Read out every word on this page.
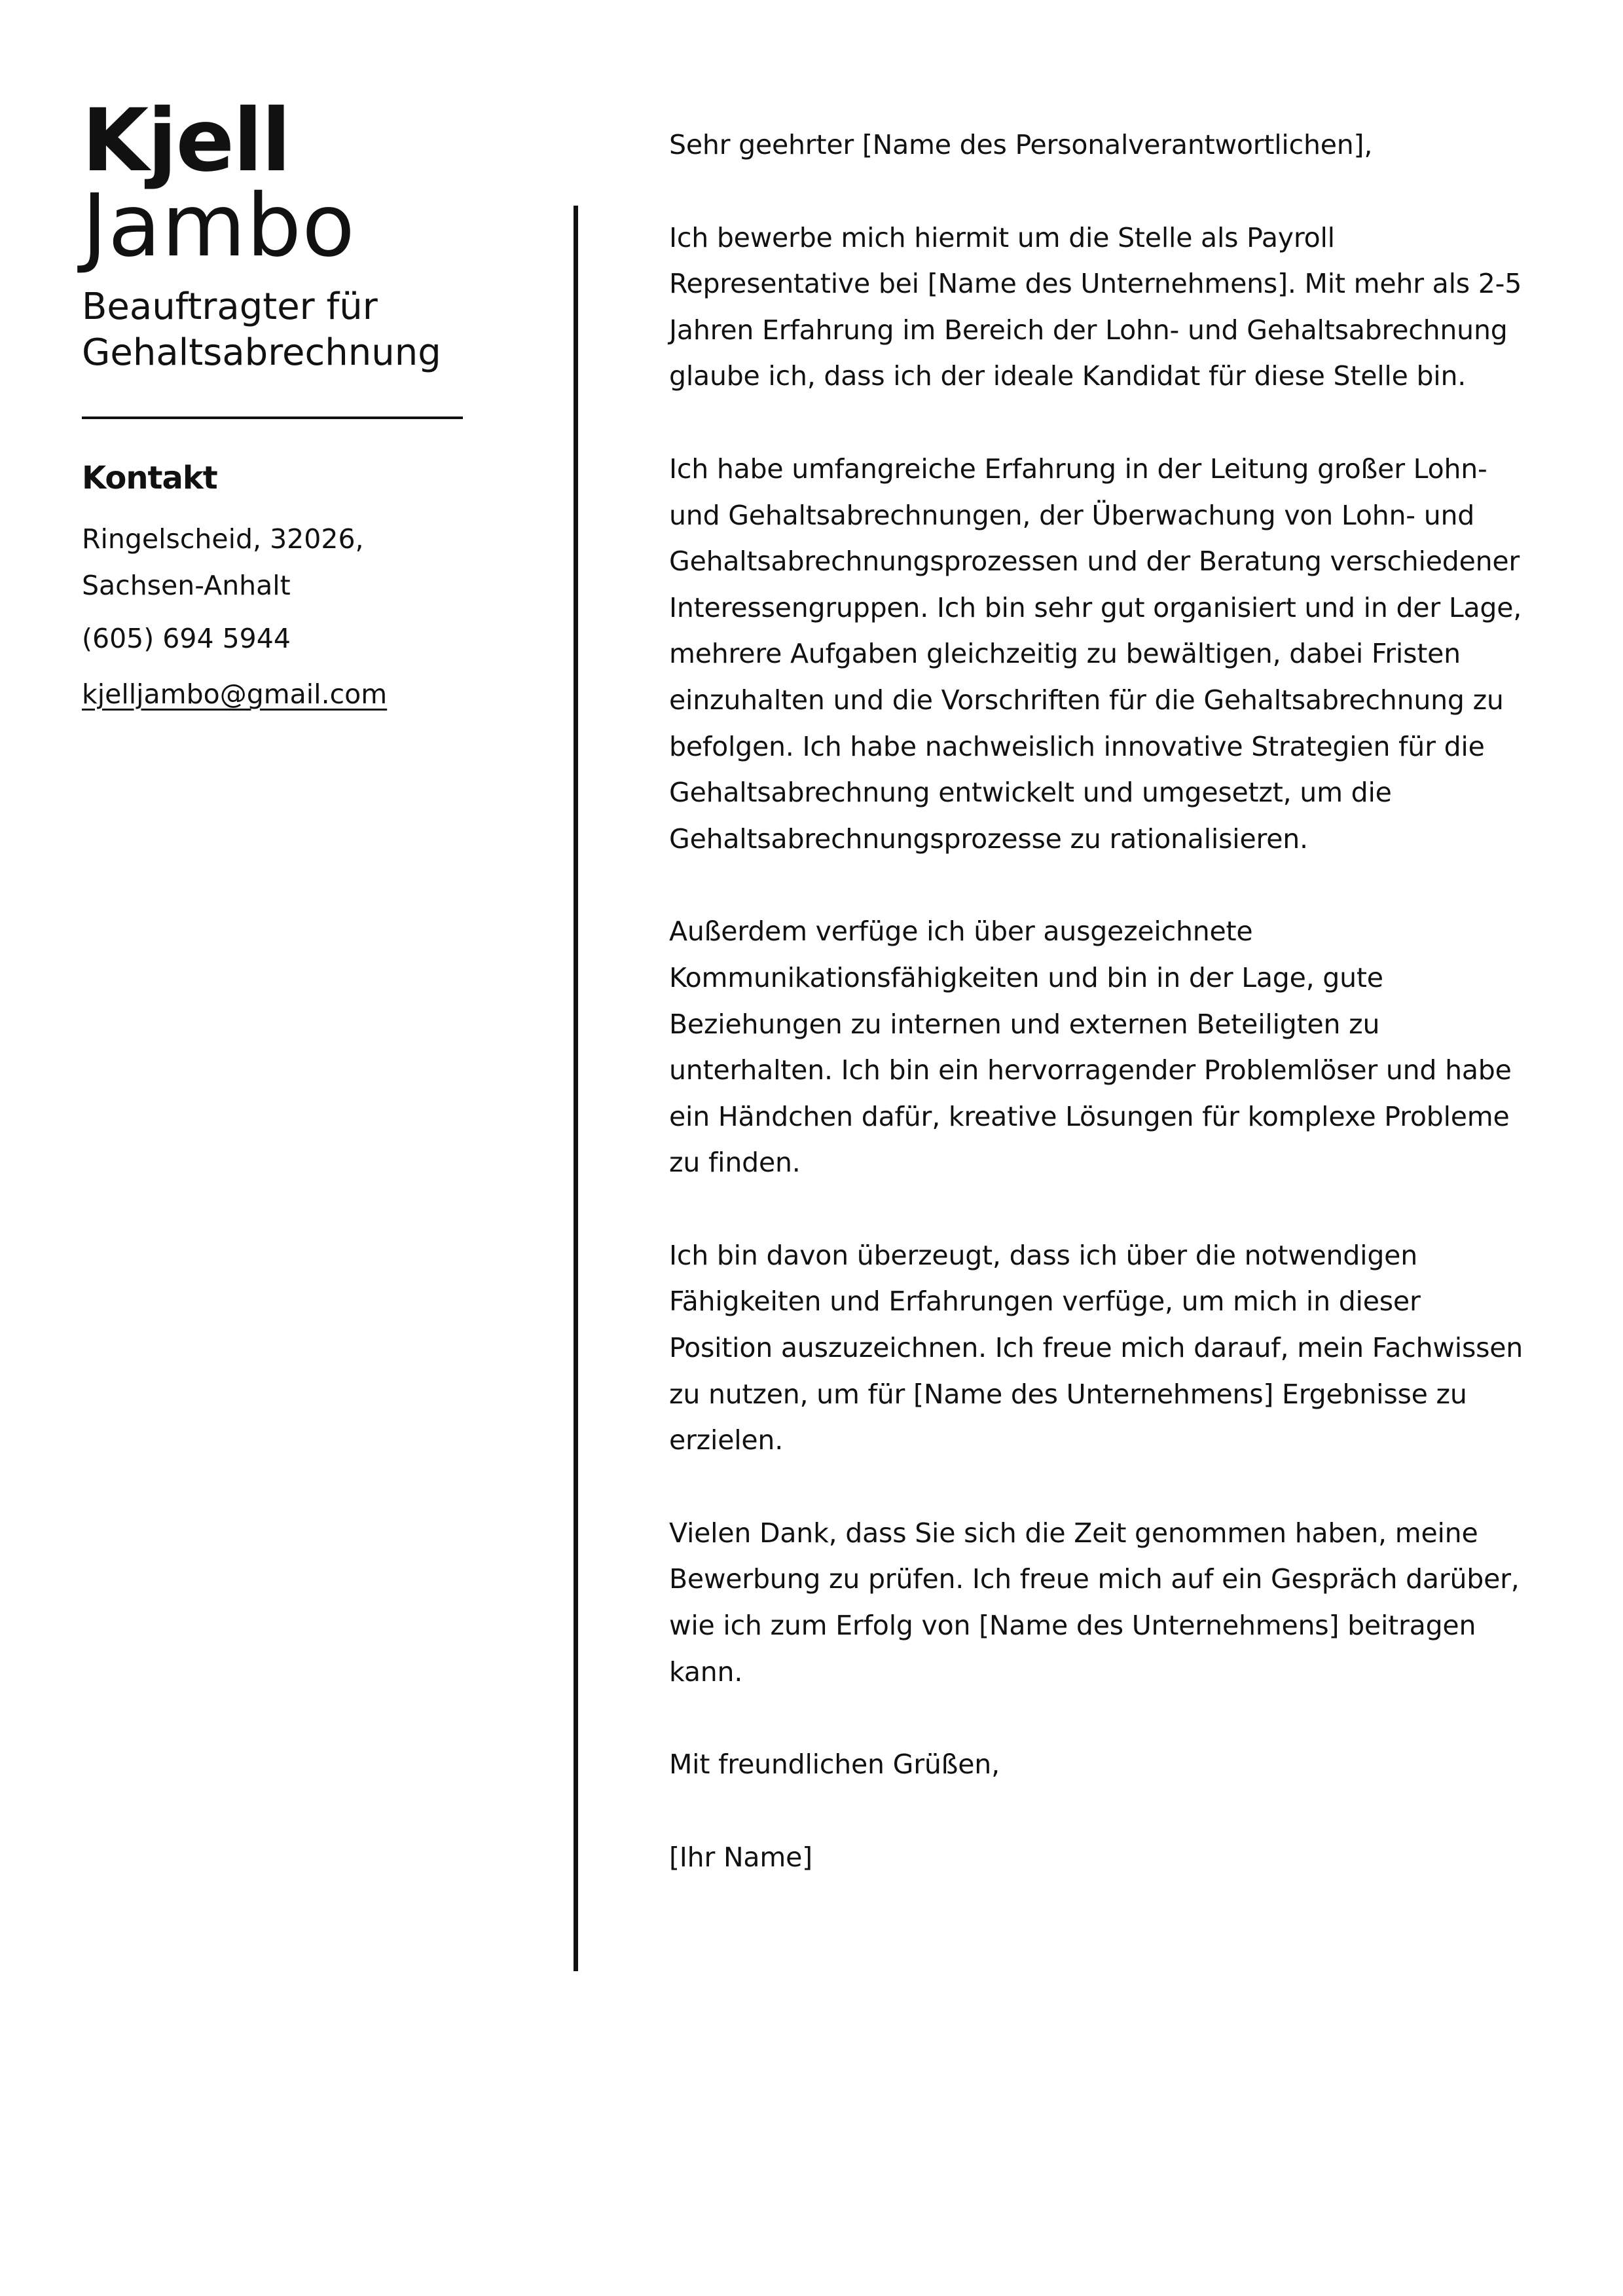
Kjell
Jambo
Beauftragter für Gehaltsabrechnung
Kontakt
Ringelscheid, 32026, Sachsen-Anhalt
(605) 694 5944
kjelljambo@gmail.com

Sehr geehrter [Name des Personalverantwortlichen],

Ich bewerbe mich hiermit um die Stelle als Payroll Representative bei [Name des Unternehmens]. Mit mehr als 2-5 Jahren Erfahrung im Bereich der Lohn- und Gehaltsabrechnung glaube ich, dass ich der ideale Kandidat für diese Stelle bin.

Ich habe umfangreiche Erfahrung in der Leitung großer Lohn- und Gehaltsabrechnungen, der Überwachung von Lohn- und Gehaltsabrechnungsprozessen und der Beratung verschiedener Interessengruppen. Ich bin sehr gut organisiert und in der Lage, mehrere Aufgaben gleichzeitig zu bewältigen, dabei Fristen einzuhalten und die Vorschriften für die Gehaltsabrechnung zu befolgen. Ich habe nachweislich innovative Strategien für die Gehaltsabrechnung entwickelt und umgesetzt, um die Gehaltsabrechnungsprozesse zu rationalisieren.

Außerdem verfüge ich über ausgezeichnete Kommunikationsfähigkeiten und bin in der Lage, gute Beziehungen zu internen und externen Beteiligten zu unterhalten. Ich bin ein hervorragender Problemlöser und habe ein Händchen dafür, kreative Lösungen für komplexe Probleme zu finden.

Ich bin davon überzeugt, dass ich über die notwendigen Fähigkeiten und Erfahrungen verfüge, um mich in dieser Position auszuzeichnen. Ich freue mich darauf, mein Fachwissen zu nutzen, um für [Name des Unternehmens] Ergebnisse zu erzielen.

Vielen Dank, dass Sie sich die Zeit genommen haben, meine Bewerbung zu prüfen. Ich freue mich auf ein Gespräch darüber, wie ich zum Erfolg von [Name des Unternehmens] beitragen kann.

Mit freundlichen Grüßen,

[Ihr Name]
